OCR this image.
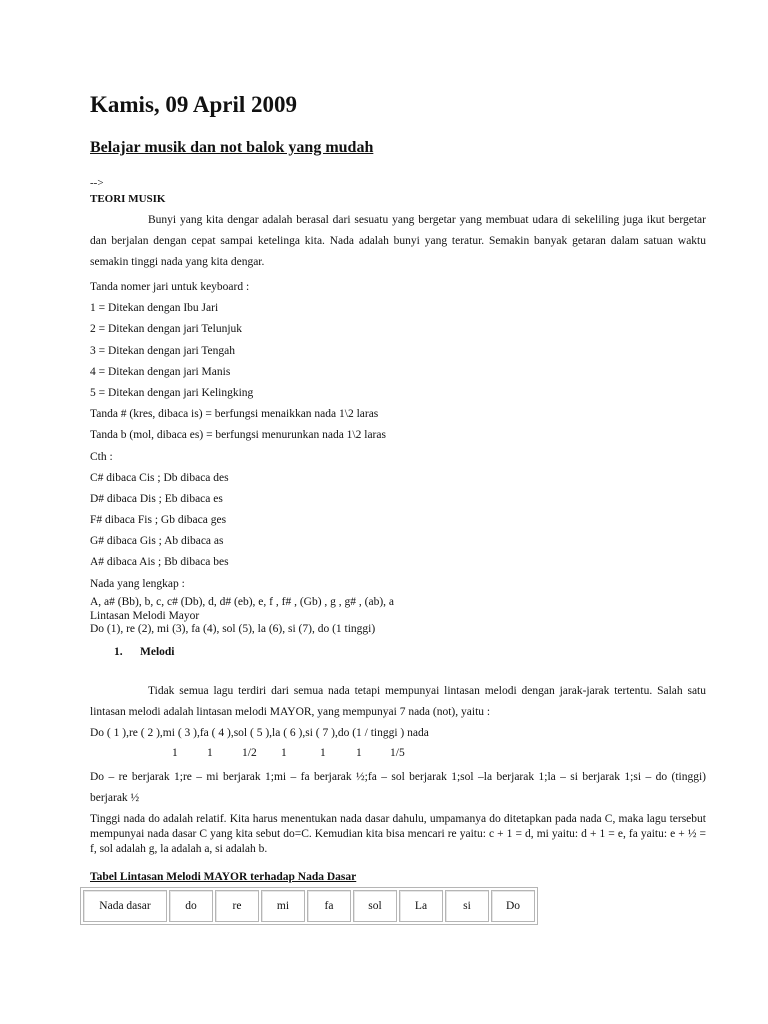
Kamis, 09 April 2009
Belajar musik dan not balok yang mudah
-->
TEORI MUSIK

Bunyi yang kita dengar adalah berasal dari sesuatu yang bergetar yang membuat udara di sekeliling juga ikut bergetar dan berjalan dengan cepat sampai ketelinga kita. Nada adalah bunyi yang teratur. Semakin banyak getaran dalam satuan waktu semakin tinggi nada yang kita dengar.

Tanda nomer jari untuk keyboard :
1 = Ditekan dengan Ibu Jari
2 = Ditekan dengan jari Telunjuk
3 = Ditekan dengan jari Tengah
4 = Ditekan dengan jari Manis
5 = Ditekan dengan jari Kelingking
Tanda # (kres, dibaca is) = berfungsi menaikkan nada 1\2 laras
Tanda b (mol, dibaca es) = berfungsi menurunkan nada 1\2 laras
Cth :
C# dibaca Cis ; Db dibaca des
D# dibaca Dis ; Eb dibaca es
F# dibaca Fis ; Gb dibaca ges
G# dibaca Gis ; Ab dibaca as
A# dibaca Ais ; Bb dibaca bes
Nada yang lengkap :
A, a# (Bb), b, c, c# (Db), d, d# (eb), e, f , f# , (Gb) , g , g# , (ab), a
Lintasan Melodi Mayor
Do (1), re (2), mi (3), fa (4), sol (5), la (6), si (7), do (1 tinggi)
1. Melodi

Tidak semua lagu terdiri dari semua nada tetapi mempunyai lintasan melodi dengan jarak-jarak tertentu. Salah satu lintasan melodi adalah lintasan melodi MAYOR, yang mempunyai 7 nada (not), yaitu :

Do ( 1 ),re ( 2 ),mi ( 3 ),fa ( 4 ),sol ( 5 ),la ( 6 ),si ( 7 ),do (1 / tinggi ) nada
1	1	1/2 1	1	1 1/5

Do – re berjarak 1;re – mi berjarak 1;mi – fa berjarak ½;fa – sol berjarak 1;sol –la berjarak 1;la – si berjarak 1;si – do (tinggi) berjarak ½

Tinggi nada do adalah relatif. Kita harus menentukan nada dasar dahulu, umpamanya do ditetapkan pada nada C, maka lagu tersebut mempunyai nada dasar C yang kita sebut do=C. Kemudian kita bisa mencari re yaitu: c + 1 = d, mi yaitu: d + 1 = e, fa yaitu: e + ½ = f, sol adalah g, la adalah a, si adalah b.

Tabel Lintasan Melodi MAYOR terhadap Nada Dasar
Nada dasar	do	re	mi	fa	sol	La	si	Do
